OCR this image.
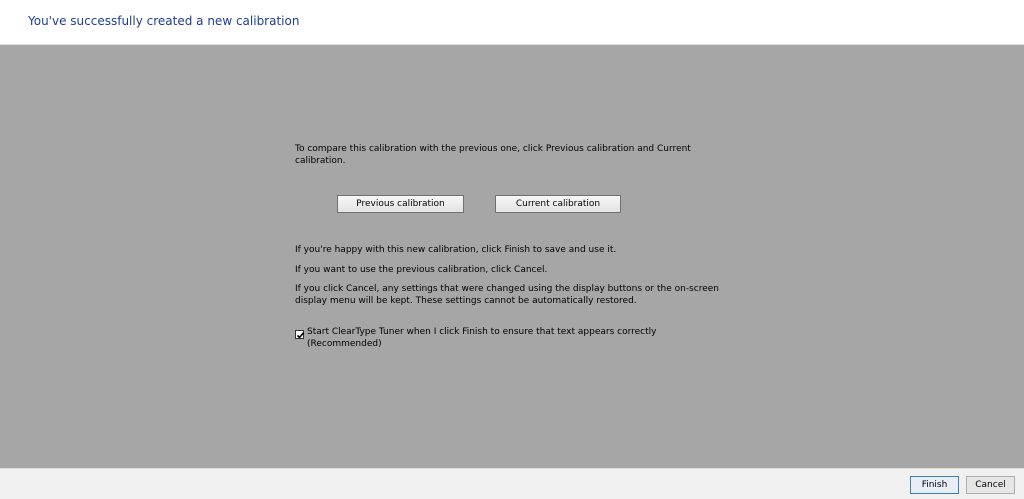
You've successfully created a new calibration
To compare this calibration with the previous one, click Previous calibration and Current calibration.
Previous calibration	Current calibration
If you're happy with this new calibration, click Finish to save and use it.
If you want to use the previous calibration, click Cancel.
If you click Cancel, any settings that were changed using the display buttons or the on-screen display menu will be kept. These settings cannot be automatically restored.
Start ClearType Tuner when I click Finish to ensure that text appears correctly (Recommended)
Finish	Cancel
